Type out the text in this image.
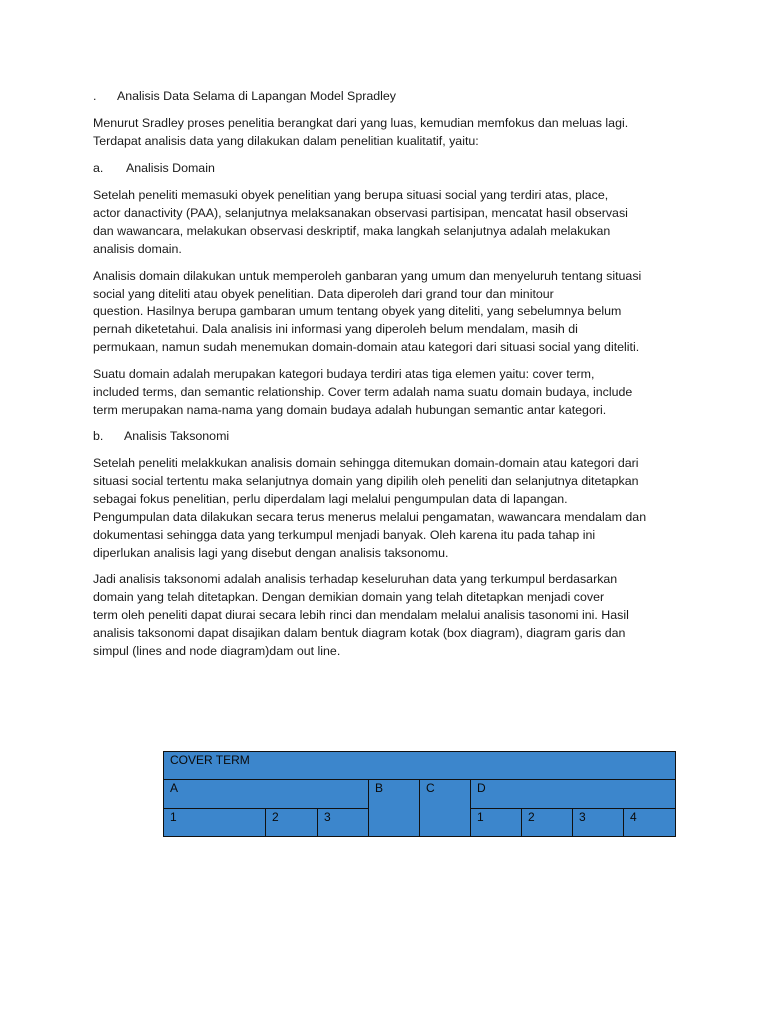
. Analisis Data Selama di Lapangan Model Spradley
Menurut Sradley proses penelitia berangkat dari yang luas, kemudian memfokus dan meluas lagi.
Terdapat analisis data yang dilakukan dalam penelitian kualitatif, yaitu:
a. Analisis Domain
Setelah peneliti memasuki obyek penelitian yang berupa situasi social yang terdiri atas, place,
actor danactivity (PAA), selanjutnya melaksanakan observasi partisipan, mencatat hasil observasi
dan wawancara, melakukan observasi deskriptif, maka langkah selanjutnya adalah melakukan
analisis domain.
Analisis domain dilakukan untuk memperoleh ganbaran yang umum dan menyeluruh tentang situasi
social yang diteliti atau obyek penelitian. Data diperoleh dari grand tour dan minitour
question. Hasilnya berupa gambaran umum tentang obyek yang diteliti, yang sebelumnya belum
pernah diketetahui. Dala analisis ini informasi yang diperoleh belum mendalam, masih di
permukaan, namun sudah menemukan domain-domain atau kategori dari situasi social yang diteliti.
Suatu domain adalah merupakan kategori budaya terdiri atas tiga elemen yaitu: cover term,
included terms, dan semantic relationship. Cover term adalah nama suatu domain budaya, include
term merupakan nama-nama yang domain budaya adalah hubungan semantic antar kategori.
b. Analisis Taksonomi
Setelah peneliti melakkukan analisis domain sehingga ditemukan domain-domain atau kategori dari
situasi social tertentu maka selanjutnya domain yang dipilih oleh peneliti dan selanjutnya ditetapkan
sebagai fokus penelitian, perlu diperdalam lagi melalui pengumpulan data di lapangan.
Pengumpulan data dilakukan secara terus menerus melalui pengamatan, wawancara mendalam dan
dokumentasi sehingga data yang terkumpul menjadi banyak. Oleh karena itu pada tahap ini
diperlukan analisis lagi yang disebut dengan analisis taksonomu.
Jadi analisis taksonomi adalah analisis terhadap keseluruhan data yang terkumpul berdasarkan
domain yang telah ditetapkan. Dengan demikian domain yang telah ditetapkan menjadi cover
term oleh peneliti dapat diurai secara lebih rinci dan mendalam melalui analisis tasonomi ini. Hasil
analisis taksonomi dapat disajikan dalam bentuk diagram kotak (box diagram), diagram garis dan
simpul (lines and node diagram)dam out line.
COVER TERM								
A			B	C	D			
1	2	3			1	2	3	4
